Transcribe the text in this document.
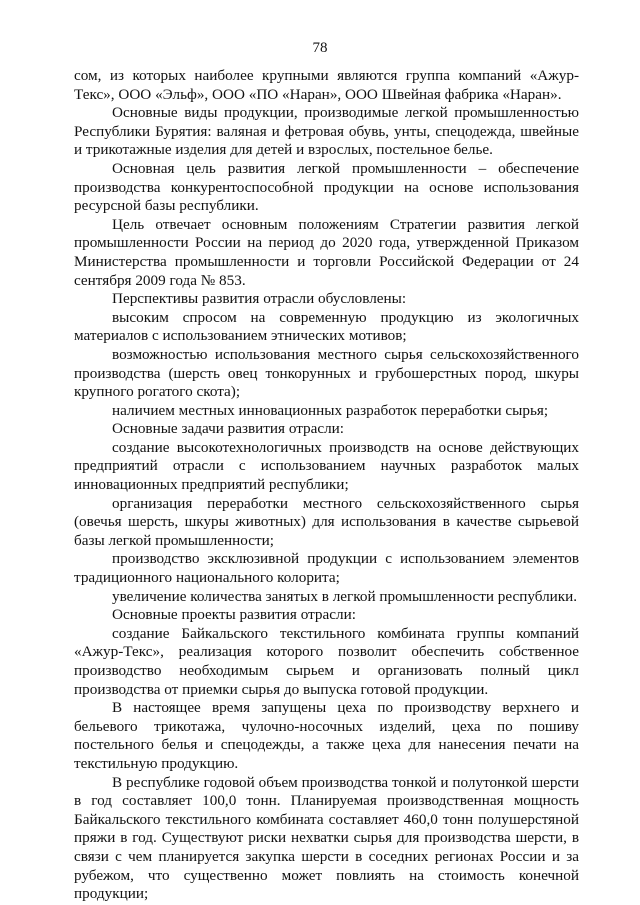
78

сом, из которых наиболее крупными являются группа компаний «Ажур-Текс», ООО «Эльф», ООО «ПО «Наран», ООО Швейная фабрика «Наран».

Основные виды продукции, производимые легкой промышленностью Республики Бурятия: валяная и фетровая обувь, унты, спецодежда, швейные и трикотажные изделия для детей и взрослых, постельное белье.

Основная цель развития легкой промышленности – обеспечение производства конкурентоспособной продукции на основе использования ресурсной базы республики.

Цель отвечает основным положениям Стратегии развития легкой промышленности России на период до 2020 года, утвержденной Приказом Министерства промышленности и торговли Российской Федерации от 24 сентября 2009 года № 853.

Перспективы развития отрасли обусловлены:

высоким спросом на современную продукцию из экологичных материалов с использованием этнических мотивов;

возможностью использования местного сырья сельскохозяйственного производства (шерсть овец тонкорунных и грубошерстных пород, шкуры крупного рогатого скота);

наличием местных инновационных разработок переработки сырья;

Основные задачи развития отрасли:

создание высокотехнологичных производств на основе действующих предприятий отрасли с использованием научных разработок малых инновационных предприятий республики;

организация переработки местного сельскохозяйственного сырья (овечья шерсть, шкуры животных) для использования в качестве сырьевой базы легкой промышленности;

производство эксклюзивной продукции с использованием элементов традиционного национального колорита;

увеличение количества занятых в легкой промышленности республики.

Основные проекты развития отрасли:

создание Байкальского текстильного комбината группы компаний «Ажур-Текс», реализация которого позволит обеспечить собственное производство необходимым сырьем и организовать полный цикл производства от приемки сырья до выпуска готовой продукции.

В настоящее время запущены цеха по производству верхнего и бельевого трикотажа, чулочно-носочных изделий, цеха по пошиву постельного белья и спецодежды, а также цеха для нанесения печати на текстильную продукцию.

В республике годовой объем производства тонкой и полутонкой шерсти в год составляет 100,0 тонн. Планируемая производственная мощность Байкальского текстильного комбината составляет 460,0 тонн полушерстяной пряжи в год. Существуют риски нехватки сырья для производства шерсти, в связи с чем планируется закупка шерсти в соседних регионах России и за рубежом, что существенно может повлиять на стоимость конечной продукции;
